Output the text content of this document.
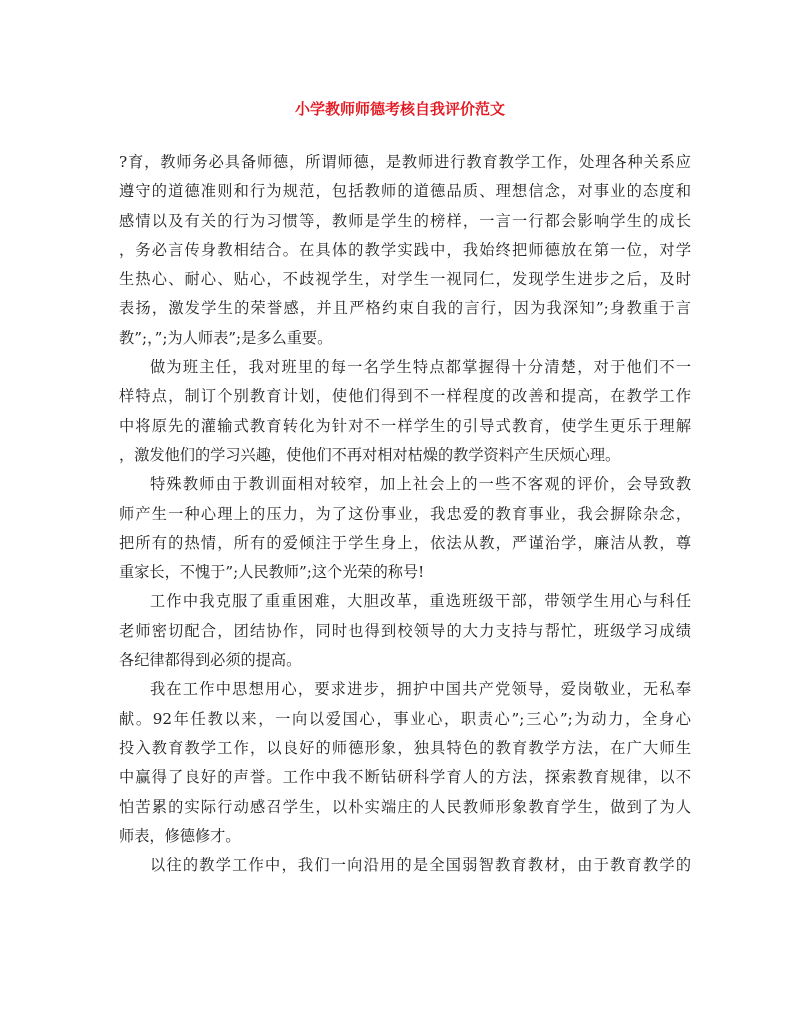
小学教师师德考核自我评价范文
?育，教师务必具备师德，所谓师德，是教师进行教育教学工作，处理各种关系应
遵守的道德准则和行为规范，包括教师的道德品质、理想信念，对事业的态度和
感情以及有关的行为习惯等，教师是学生的榜样，一言一行都会影响学生的成长
，务必言传身教相结合。在具体的教学实践中，我始终把师德放在第一位，对学
生热心、耐心、贴心，不歧视学生，对学生一视同仁，发现学生进步之后，及时
表扬，激发学生的荣誉感，并且严格约束自我的言行，因为我深知”;身教重于言
教”;，”;为人师表”;是多么重要。
做为班主任，我对班里的每一名学生特点都掌握得十分清楚，对于他们不一
样特点，制订个别教育计划，使他们得到不一样程度的改善和提高，在教学工作
中将原先的灌输式教育转化为针对不一样学生的引导式教育，使学生更乐于理解
，激发他们的学习兴趣，使他们不再对相对枯燥的教学资料产生厌烦心理。
特殊教师由于教训面相对较窄，加上社会上的一些不客观的评价，会导致教
师产生一种心理上的压力，为了这份事业，我忠爱的教育事业，我会摒除杂念，
把所有的热情，所有的爱倾注于学生身上，依法从教，严谨治学，廉洁从教，尊
重家长，不愧于”;人民教师”;这个光荣的称号!
工作中我克服了重重困难，大胆改革，重选班级干部，带领学生用心与科任
老师密切配合，团结协作，同时也得到校领导的大力支持与帮忙，班级学习成绩
各纪律都得到必须的提高。
我在工作中思想用心，要求进步，拥护中国共产党领导，爱岗敬业，无私奉
献。92年任教以来，一向以爱国心，事业心，职责心”;三心”;为动力，全身心
投入教育教学工作，以良好的师德形象，独具特色的教育教学方法，在广大师生
中赢得了良好的声誉。工作中我不断钻研科学育人的方法，探索教育规律，以不
怕苦累的实际行动感召学生，以朴实端庄的人民教师形象教育学生，做到了为人
师表，修德修才。
以往的教学工作中，我们一向沿用的是全国弱智教育教材，由于教育教学的
